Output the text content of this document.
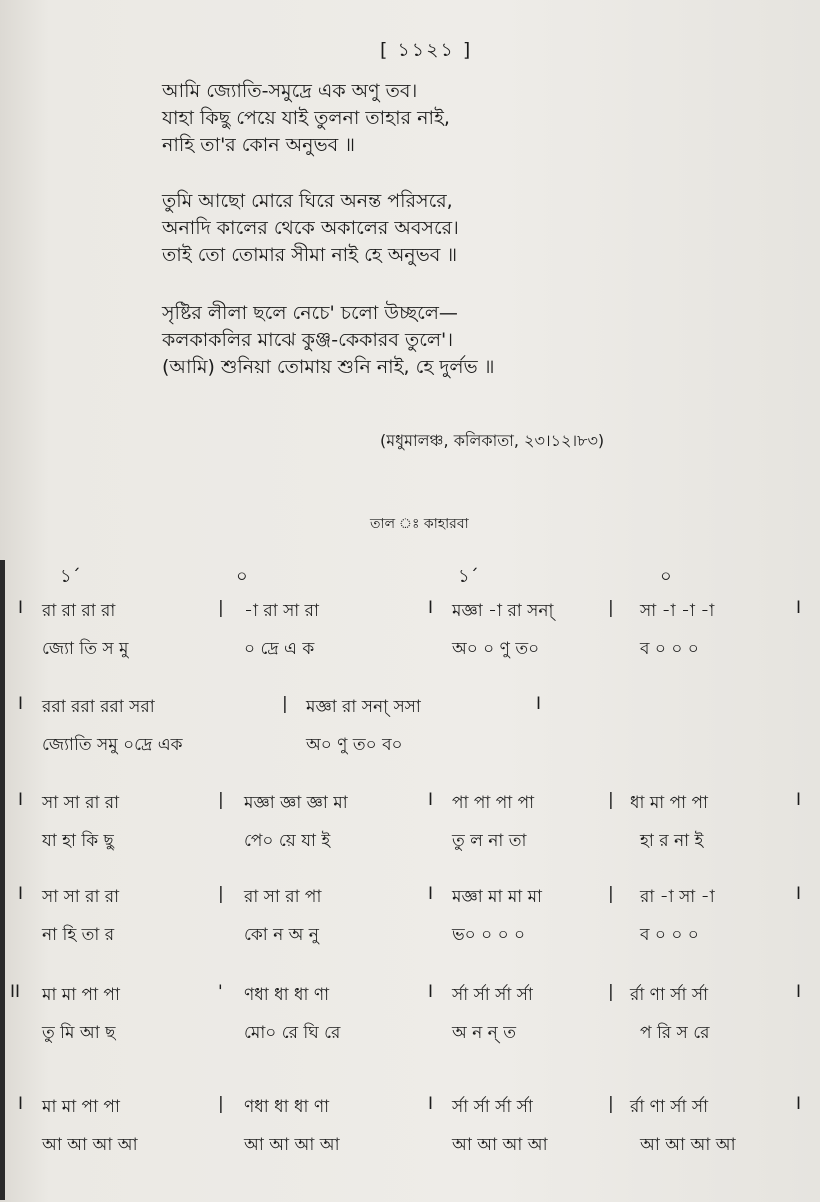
[ ১১২১ ]
আমি জ্যোতি-সমুদ্রে এক অণু তব।
যাহা কিছু পেয়ে যাই তুলনা তাহার নাই,
নাহি তা'র কোন অনুভব ॥
তুমি আছো মোরে ঘিরে অনন্ত পরিসরে,
অনাদি কালের থেকে অকালের অবসরে।
তাই তো তোমার সীমা নাই হে অনুভব ॥
সৃষ্টির লীলা ছলে নেচে' চলো উচ্ছলে—
কলকাকলির মাঝে কুঞ্জ-কেকারব তুলে'।
(আমি) শুনিয়া তোমায় শুনি নাই, হে দুর্লভ ॥
(মধুমালঞ্চ, কলিকাতা, ২৩।১২।৮৩)
তাল ঃ কাহারবা
১´	০	১´	০
I রা রা রা রা	| -া রা সা রা	I মজ্ঞা -া রা সনা্	| সা -া -া -া	I
জ্যো তি স মু	০ দ্রে এ ক	অ০ ০ ণু ত০	ব ০ ০ ০
I ররা ররা ররা সরা	| মজ্ঞা রা সনা্ সসা	I
জ্যোতি সমু ০দ্রে এক	অ০ ণু ত০ ব০
I সা সা রা রা	| মজ্ঞা জ্ঞা জ্ঞা মা	I পা পা পা পা	| ধা মা পা পা	I
যা হা কি ছু	পে০ য়ে যা ই	তু ল না তা	হা র না ই
I সা সা রা রা	| রা সা রা পা	I মজ্ঞা মা মা মা	| রা -া সা -া	I
না হি তা র	কো ন অ নু	ভ০ ০ ০ ০	ব ০ ০ ০
II মা মা পা পা	' ণধা ধা ধা ণা	I র্সা র্সা র্সা র্সা	| র্রা ণা র্সা র্সা	I
তু মি আ ছ	মো০ রে ঘি রে	অ ন ন্ ত	প রি স রে
I মা মা পা পা	| ণধা ধা ধা ণা	I র্সা র্সা র্সা র্সা	| র্রা ণা র্সা র্সা	I
আ আ আ আ	আ আ আ আ	আ আ আ আ	আ আ আ আ
